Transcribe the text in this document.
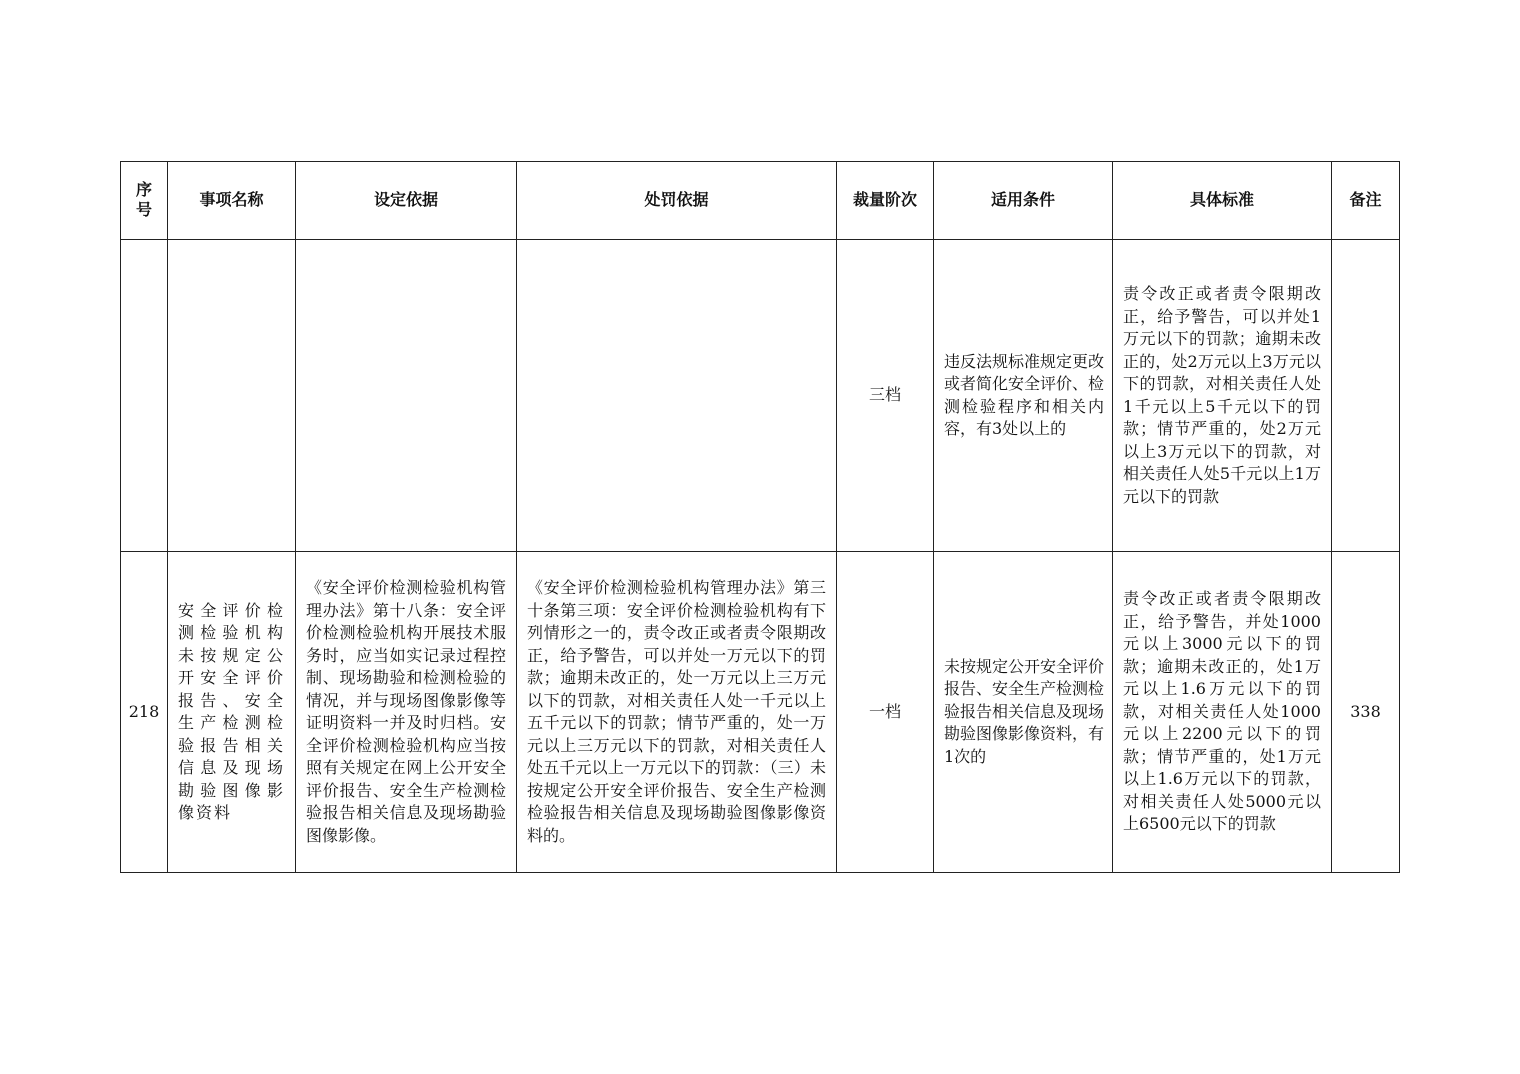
序号	事项名称	设定依据	处罚依据	裁量阶次	适用条件	具体标准	备注
				三档	违反法规标准规定更改或者简化安全评价、检测检验程序和相关内容，有3处以上的	责令改正或者责令限期改正，给予警告，可以并处1万元以下的罚款；逾期未改正的，处2万元以上3万元以下的罚款，对相关责任人处1千元以上5千元以下的罚款；情节严重的，处2万元以上3万元以下的罚款，对相关责任人处5千元以上1万元以下的罚款	
218	安全评价检测检验机构未按规定公开安全评价报告、安全生产检测检验报告相关信息及现场勘验图像影像资料	《安全评价检测检验机构管理办法》第十八条：安全评价检测检验机构开展技术服务时，应当如实记录过程控制、现场勘验和检测检验的情况，并与现场图像影像等证明资料一并及时归档。安全评价检测检验机构应当按照有关规定在网上公开安全评价报告、安全生产检测检验报告相关信息及现场勘验图像影像。	《安全评价检测检验机构管理办法》第三十条第三项：安全评价检测检验机构有下列情形之一的，责令改正或者责令限期改正，给予警告，可以并处一万元以下的罚款；逾期未改正的，处一万元以上三万元以下的罚款，对相关责任人处一千元以上五千元以下的罚款；情节严重的，处一万元以上三万元以下的罚款，对相关责任人处五千元以上一万元以下的罚款：（三）未按规定公开安全评价报告、安全生产检测检验报告相关信息及现场勘验图像影像资料的。	一档	未按规定公开安全评价报告、安全生产检测检验报告相关信息及现场勘验图像影像资料，有1次的	责令改正或者责令限期改正，给予警告，并处1000元以上3000元以下的罚款；逾期未改正的，处1万元以上1.6万元以下的罚款，对相关责任人处1000元以上2200元以下的罚款；情节严重的，处1万元以上1.6万元以下的罚款，对相关责任人处5000元以上6500元以下的罚款	338
